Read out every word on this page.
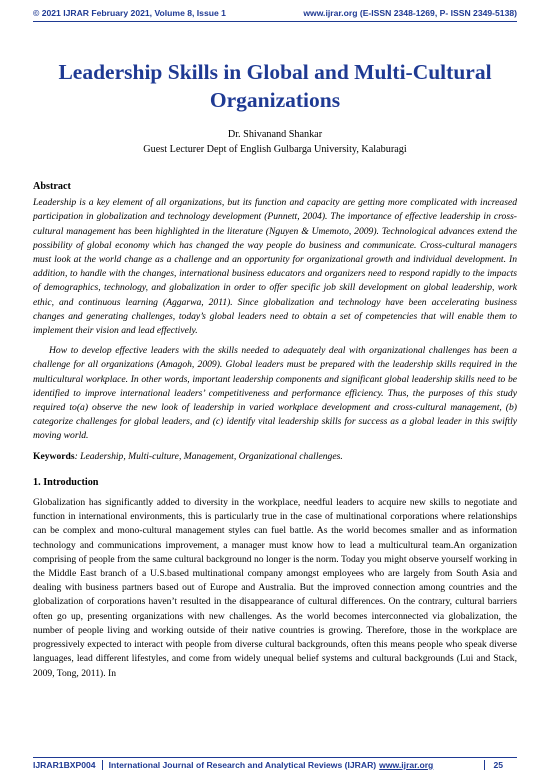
© 2021 IJRAR February 2021, Volume 8, Issue 1	www.ijrar.org (E-ISSN 2348-1269, P- ISSN 2349-5138)
Leadership Skills in Global and Multi-Cultural Organizations
Dr. Shivanand Shankar
Guest Lecturer Dept of English Gulbarga University, Kalaburagi
Abstract

Leadership is a key element of all organizations, but its function and capacity are getting more complicated with increased participation in globalization and technology development (Punnett, 2004). The importance of effective leadership in cross-cultural management has been highlighted in the literature (Nguyen & Umemoto, 2009). Technological advances extend the possibility of global economy which has changed the way people do business and communicate. Cross-cultural managers must look at the world change as a challenge and an opportunity for organizational growth and individual development. In addition, to handle with the changes, international business educators and organizers need to respond rapidly to the impacts of demographics, technology, and globalization in order to offer specific job skill development on global leadership, work ethic, and continuous learning (Aggarwa, 2011). Since globalization and technology have been accelerating business changes and generating challenges, today’s global leaders need to obtain a set of competencies that will enable them to implement their vision and lead effectively.

How to develop effective leaders with the skills needed to adequately deal with organizational challenges has been a challenge for all organizations (Amagoh, 2009). Global leaders must be prepared with the leadership skills required in the multicultural workplace. In other words, important leadership components and significant global leadership skills need to be identified to improve international leaders’ competitiveness and performance efficiency. Thus, the purposes of this study required to(a) observe the new look of leadership in varied workplace development and cross-cultural management, (b) categorize challenges for global leaders, and (c) identify vital leadership skills for success as a global leader in this swiftly moving world.

Keywords: Leadership, Multi-culture, Management, Organizational challenges.
1. Introduction

Globalization has significantly added to diversity in the workplace, needful leaders to acquire new skills to negotiate and function in international environments, this is particularly true in the case of multinational corporations where relationships can be complex and mono-cultural management styles can fuel battle. As the world becomes smaller and as information technology and communications improvement, a manager must know how to lead a multicultural team.An organization comprising of people from the same cultural background no longer is the norm. Today you might observe yourself working in the Middle East branch of a U.S.based multinational company amongst employees who are largely from South Asia and dealing with business partners based out of Europe and Australia. But the improved connection among countries and the globalization of corporations haven’t resulted in the disappearance of cultural differences. On the contrary, cultural barriers often go up, presenting organizations with new challenges. As the world becomes interconnected via globalization, the number of people living and working outside of their native countries is growing. Therefore, those in the workplace are progressively expected to interact with people from diverse cultural backgrounds, often this means people who speak diverse languages, lead different lifestyles, and come from widely unequal belief systems and cultural backgrounds (Lui and Stack, 2009, Tong, 2011). In

IJRAR1BXP004 International Journal of Research and Analytical Reviews (IJRAR) www.ijrar.org	25
